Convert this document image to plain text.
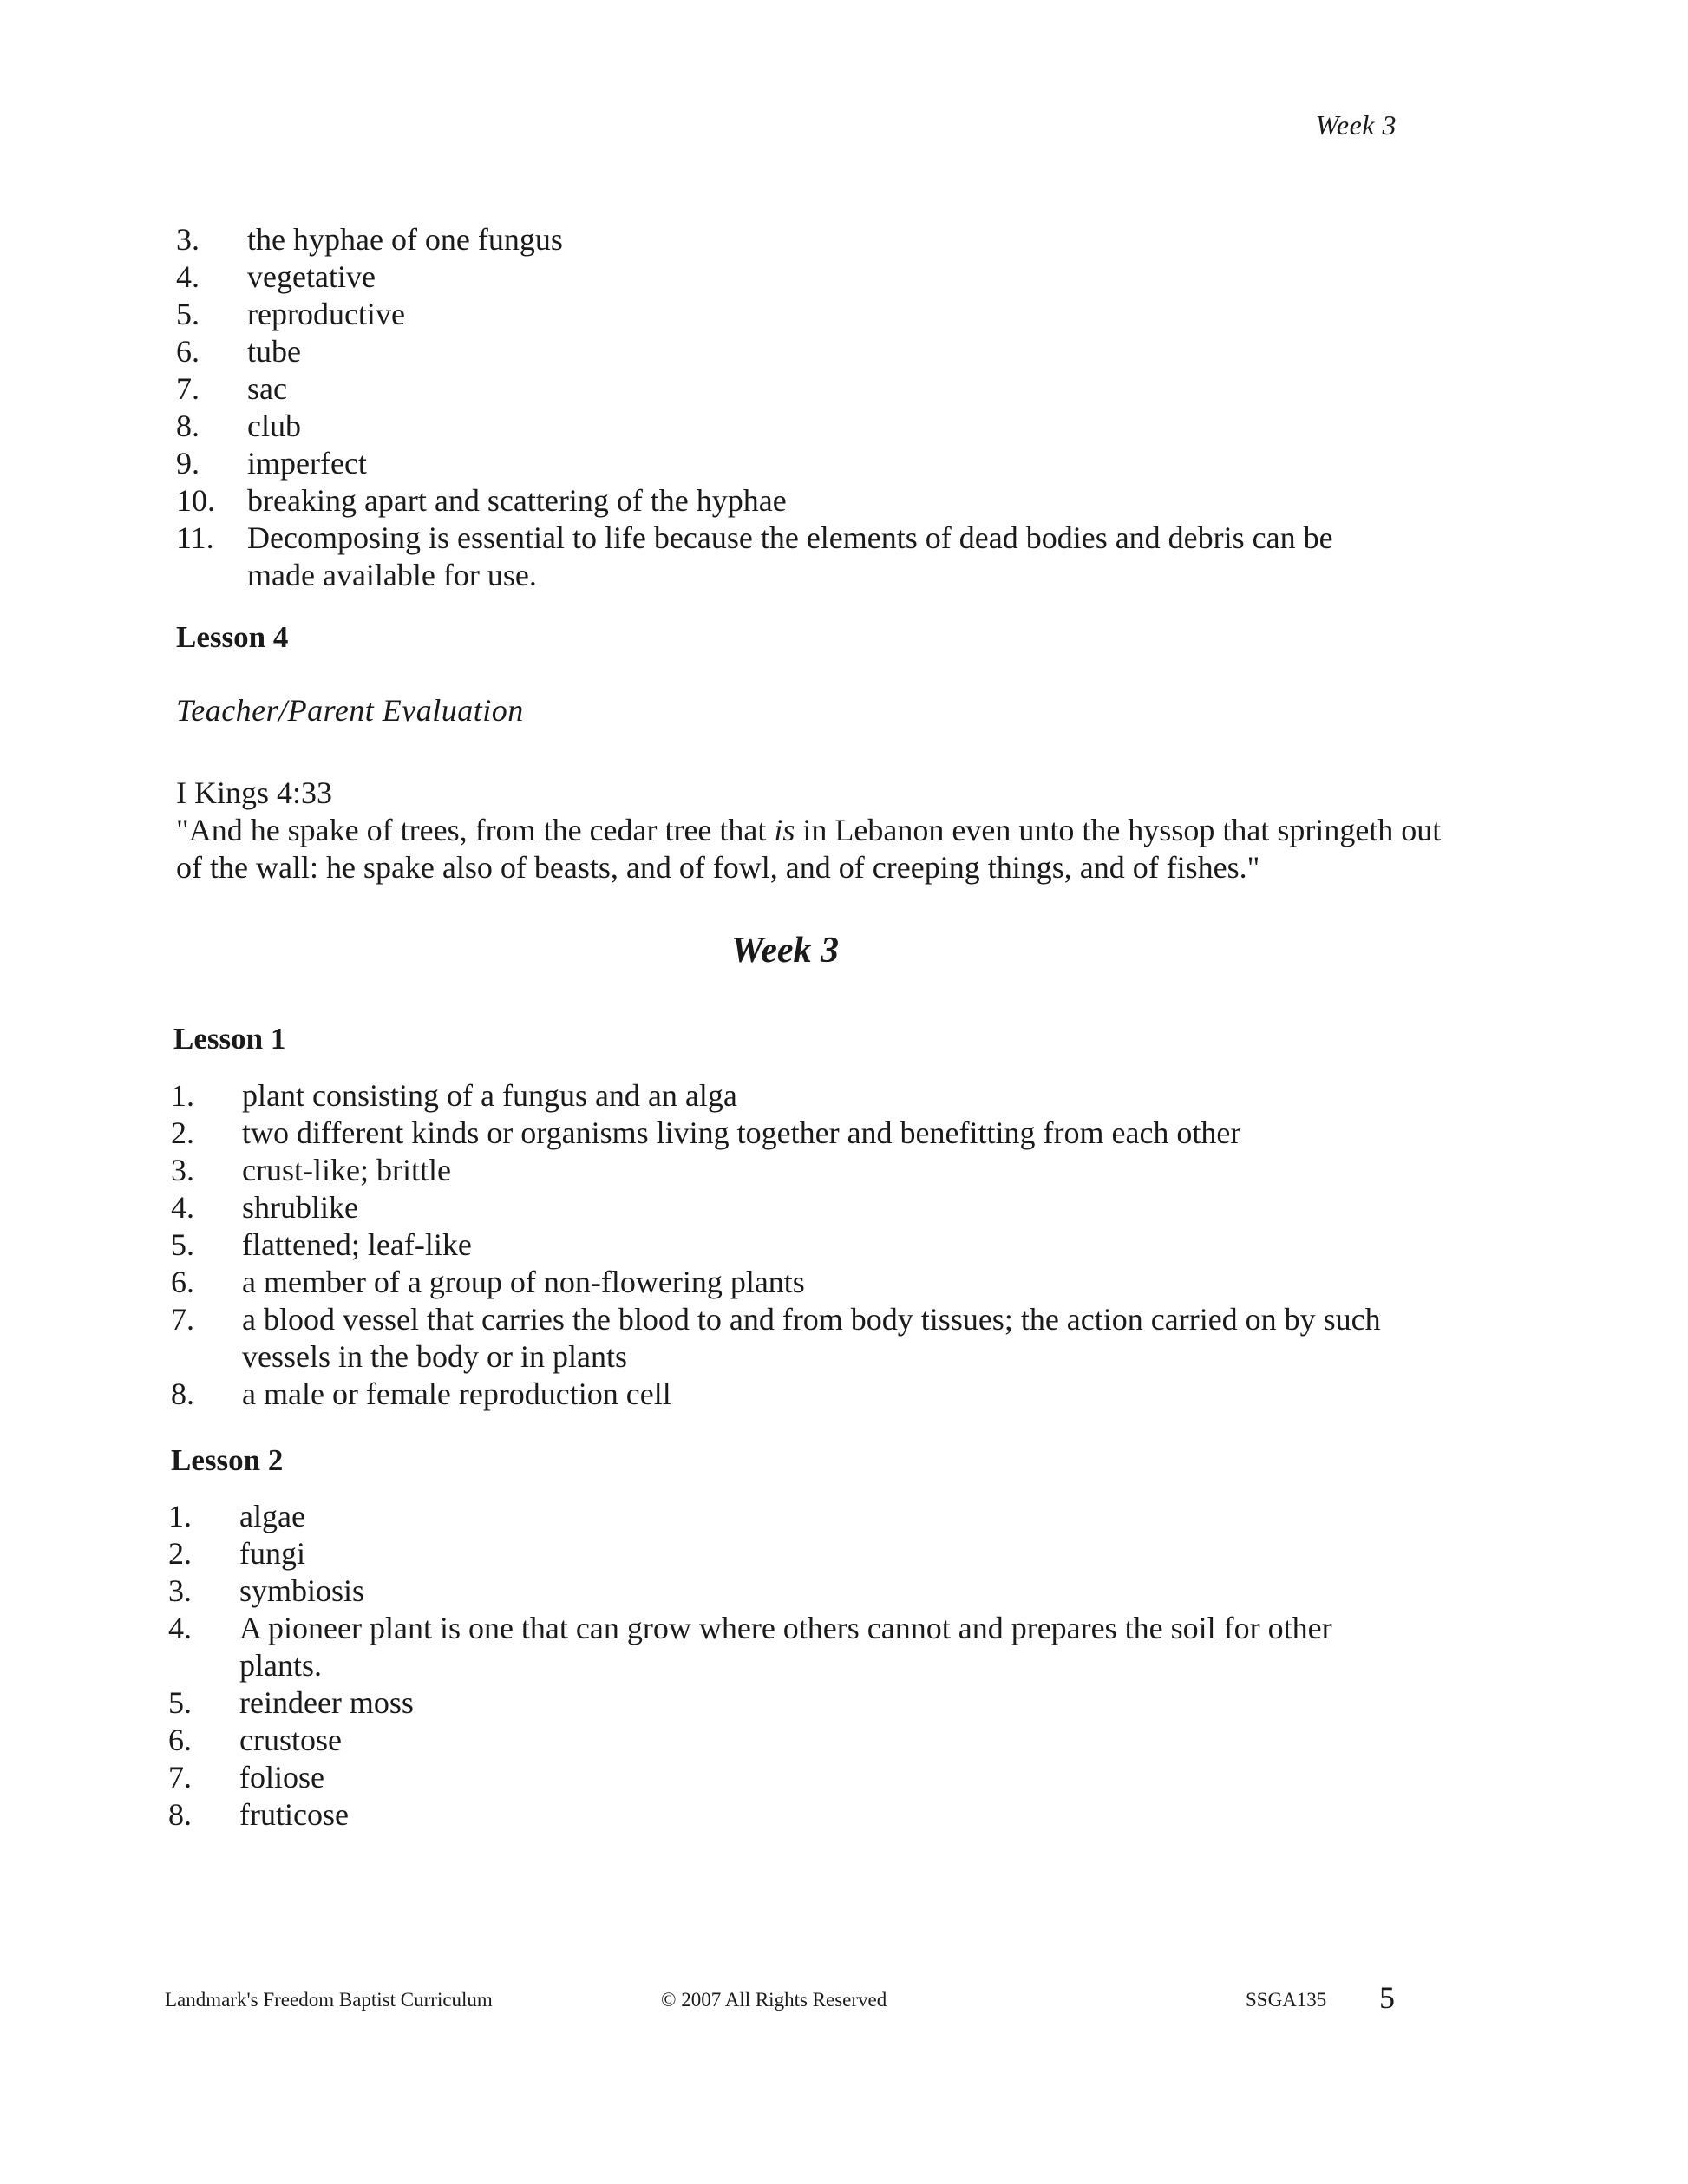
Week 3
3. the hyphae of one fungus
4. vegetative
5. reproductive
6. tube
7. sac
8. club
9. imperfect
10. breaking apart and scattering of the hyphae
11. Decomposing is essential to life because the elements of dead bodies and debris can be made available for use.
Lesson 4
Teacher/Parent Evaluation
I Kings 4:33
"And he spake of trees, from the cedar tree that is in Lebanon even unto the hyssop that springeth out of the wall: he spake also of beasts, and of fowl, and of creeping things, and of fishes."
Week 3
Lesson 1
1. plant consisting of a fungus and an alga
2. two different kinds or organisms living together and benefitting from each other
3. crust-like; brittle
4. shrublike
5. flattened; leaf-like
6. a member of a group of non-flowering plants
7. a blood vessel that carries the blood to and from body tissues; the action carried on by such vessels in the body or in plants
8. a male or female reproduction cell
Lesson 2
1. algae
2. fungi
3. symbiosis
4. A pioneer plant is one that can grow where others cannot and prepares the soil for other plants.
5. reindeer moss
6. crustose
7. foliose
8. fruticose
Landmark's Freedom Baptist Curriculum	© 2007 All Rights Reserved	SSGA135 5
